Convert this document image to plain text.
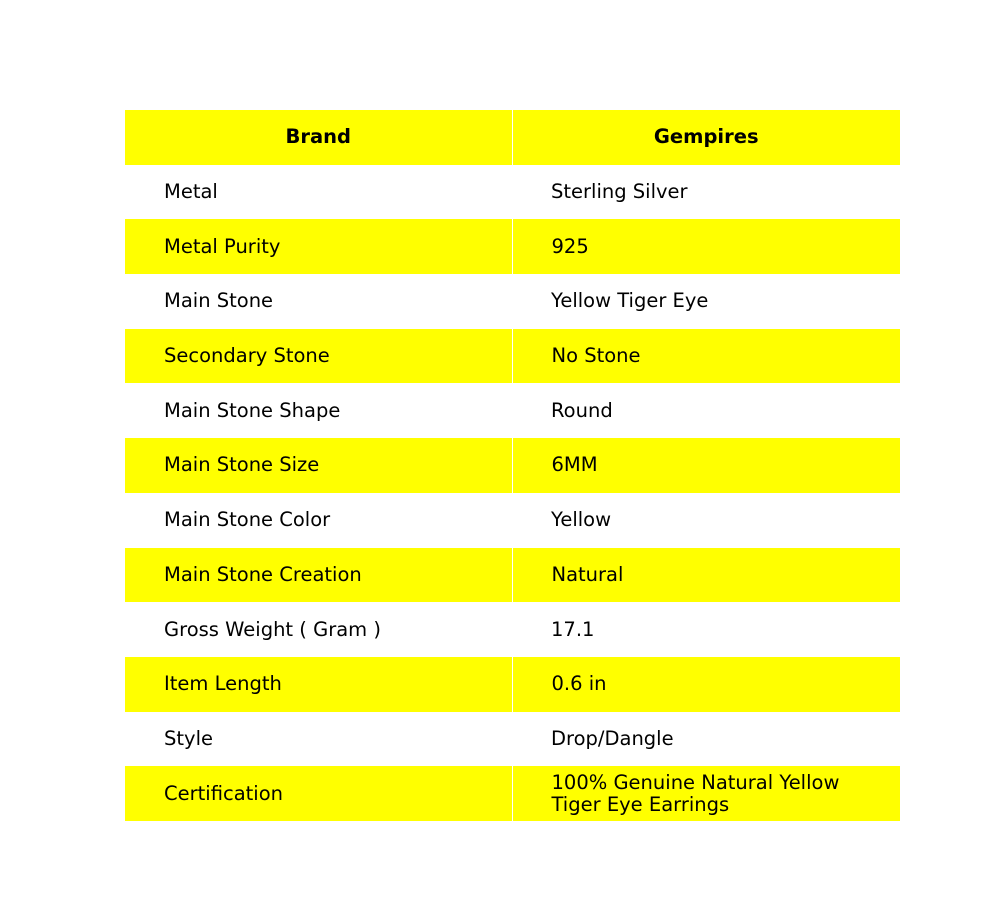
Brand	Gempires
Metal	Sterling Silver
Metal Purity	925
Main Stone	Yellow Tiger Eye
Secondary Stone	No Stone
Main Stone Shape	Round
Main Stone Size	6MM
Main Stone Color	Yellow
Main Stone Creation	Natural
Gross Weight ( Gram )	17.1
Item Length	0.6 in
Style	Drop/Dangle
Certification	100% Genuine Natural Yellow Tiger Eye Earrings
